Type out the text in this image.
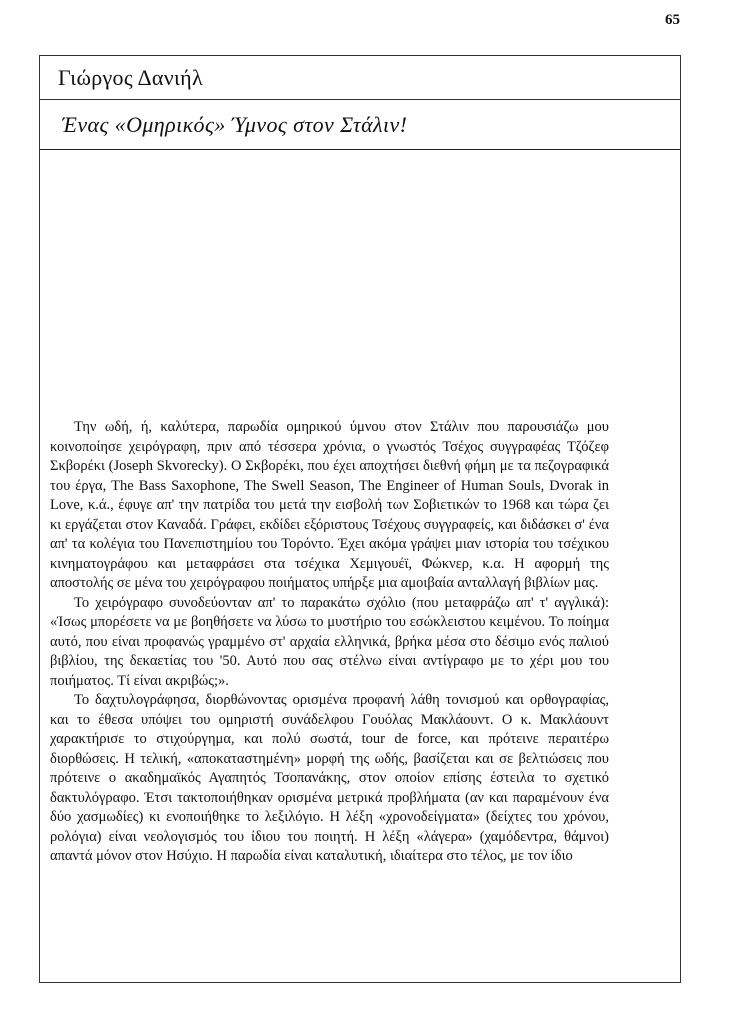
65
Γιώργος Δανιήλ
Ένας «Ομηρικός» Ύμνος στον Στάλιν!

Την ωδή, ή, καλύτερα, παρωδία ομηρικού ύμνου στον Στάλιν που παρουσιάζω μου κοινοποίησε χειρόγραφη, πριν από τέσσερα χρόνια, ο γνωστός Τσέχος συγγραφέας Τζόζεφ Σκβορέκι (Joseph Skvorecky). Ο Σκβορέκι, που έχει αποχτήσει διεθνή φήμη με τα πεζογραφικά του έργα, The Bass Saxophone, The Swell Season, The Engineer of Human Souls, Dvorak in Love, κ.ά., έφυγε απ' την πατρίδα του μετά την εισβολή των Σοβιετικών το 1968 και τώρα ζει κι εργάζεται στον Καναδά. Γράφει, εκδίδει εξόριστους Τσέχους συγγραφείς, και διδάσκει σ' ένα απ' τα κολέγια του Πανεπιστημίου του Τορόντο. Έχει ακόμα γράψει μιαν ιστορία του τσέχικου κινηματογράφου και μεταφράσει στα τσέχικα Χεμιγουέϊ, Φώκνερ, κ.α. Η αφορμή της αποστολής σε μένα του χειρόγραφου ποιήματος υπήρξε μια αμοιβαία ανταλλαγή βιβλίων μας.

Το χειρόγραφο συνοδεύονταν απ' το παρακάτω σχόλιο (που μεταφράζω απ' τ' αγγλικά): «Ίσως μπορέσετε να με βοηθήσετε να λύσω το μυστήριο του εσώκλειστου κειμένου. Το ποίημα αυτό, που είναι προφανώς γραμμένο στ' αρχαία ελληνικά, βρήκα μέσα στο δέσιμο ενός παλιού βιβλίου, της δεκαετίας του '50. Αυτό που σας στέλνω είναι αντίγραφο με το χέρι μου του ποιήματος. Τί είναι ακριβώς;».

Το δαχτυλογράφησα, διορθώνοντας ορισμένα προφανή λάθη τονισμού και ορθογραφίας, και το έθεσα υπόψει του ομηριστή συνάδελφου Γουόλας Μακλάουντ. Ο κ. Μακλάουντ χαρακτήρισε το στιχούργημα, και πολύ σωστά, tour de force, και πρότεινε περαιτέρω διορθώσεις. Η τελική, «αποκαταστημένη» μορφή της ωδής, βασίζεται και σε βελτιώσεις που πρότεινε ο ακαδημαϊκός Αγαπητός Τσοπανάκης, στον οποίον επίσης έστειλα το σχετικό δακτυλόγραφο. Έτσι τακτοποιήθηκαν ορισμένα μετρικά προβλήματα (αν και παραμένουν ένα δύο χασμωδίες) κι ενοποιήθηκε το λεξιλόγιο. Η λέξη «χρονοδείγματα» (δείχτες του χρόνου, ρολόγια) είναι νεολογισμός του ίδιου του ποιητή. Η λέξη «λάγερα» (χαμόδεντρα, θάμνοι) απαντά μόνον στον Ησύχιο. Η παρωδία είναι καταλυτική, ιδιαίτερα στο τέλος, με τον ίδιο
